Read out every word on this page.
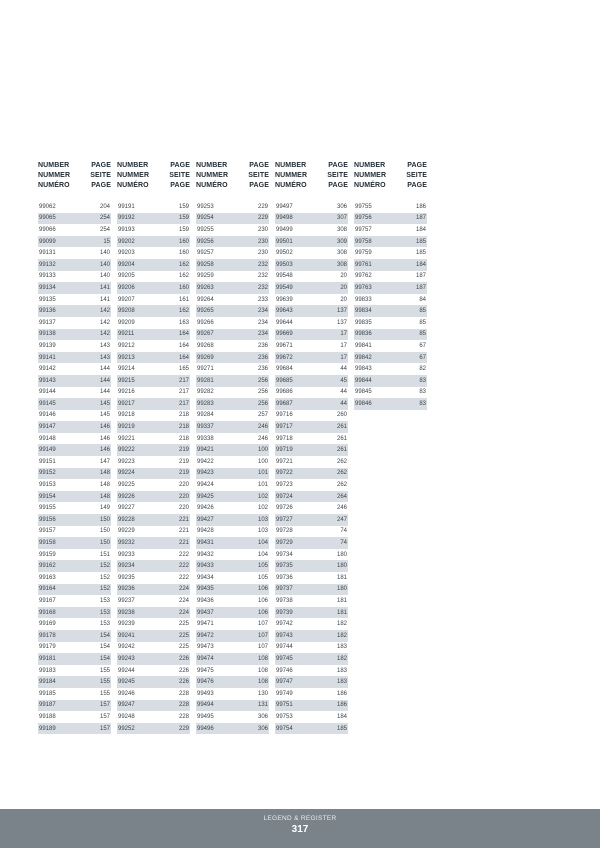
NUMBER
NUMMER
NUMÉRO
PAGE
SEITE
PAGE
99062	204
99065	254
99066	254
99099	15
99131	140
99132	140
99133	140
99134	141
99135	141
99136	142
99137	142
99138	142
99139	143
99141	143
99142	144
99143	144
99144	144
99145	145
99146	145
99147	146
99148	146
99149	146
99151	147
99152	148
99153	148
99154	148
99155	149
99156	150
99157	150
99158	150
99159	151
99162	152
99163	152
99164	152
99167	153
99168	153
99169	153
99178	154
99179	154
99181	154
99183	155
99184	155
99185	155
99187	157
99188	157
99189	157
NUMBER
NUMMER
NUMÉRO
PAGE
SEITE
PAGE
99191	159
99192	159
99193	159
99202	160
99203	160
99204	162
99205	162
99206	160
99207	161
99208	162
99209	163
99211	164
99212	164
99213	164
99214	165
99215	217
99216	217
99217	217
99218	218
99219	218
99221	218
99222	219
99223	219
99224	219
99225	220
99226	220
99227	220
99228	221
99229	221
99232	221
99233	222
99234	222
99235	222
99236	224
99237	224
99238	224
99239	225
99241	225
99242	225
99243	226
99244	226
99245	226
99246	228
99247	228
99248	228
99252	229
NUMBER
NUMMER
NUMÉRO
PAGE
SEITE
PAGE
99253	229
99254	229
99255	230
99256	230
99257	230
99258	232
99259	232
99263	232
99264	233
99265	234
99266	234
99267	234
99268	236
99269	236
99271	236
99281	256
99282	256
99283	256
99284	257
99337	246
99338	246
99421	100
99422	100
99423	101
99424	101
99425	102
99426	102
99427	103
99428	103
99431	104
99432	104
99433	105
99434	105
99435	106
99436	106
99437	106
99471	107
99472	107
99473	107
99474	108
99475	108
99476	108
99493	130
99494	131
99495	306
99496	306
NUMBER
NUMMER
NUMÉRO
PAGE
SEITE
PAGE
99497	306
99498	307
99499	308
99501	309
99502	308
99503	308
99548	20
99549	20
99639	20
99643	137
99644	137
99669	17
99671	17
99672	17
99684	44
99685	45
99686	44
99687	44
99716	260
99717	261
99718	261
99719	261
99721	262
99722	262
99723	262
99724	264
99726	246
99727	247
99728	74
99729	74
99734	180
99735	180
99736	181
99737	180
99738	181
99739	181
99742	182
99743	182
99744	183
99745	182
99746	183
99747	183
99749	186
99751	186
99753	184
99754	185
NUMBER
NUMMER
NUMÉRO
PAGE
SEITE
PAGE
99755	186
99756	187
99757	184
99758	185
99759	185
99761	184
99762	187
99763	187
99833	84
99834	85
99835	85
99836	85
99841	67
99842	67
99843	82
99844	83
99845	83
99846	83
LEGEND & REGISTER
317
